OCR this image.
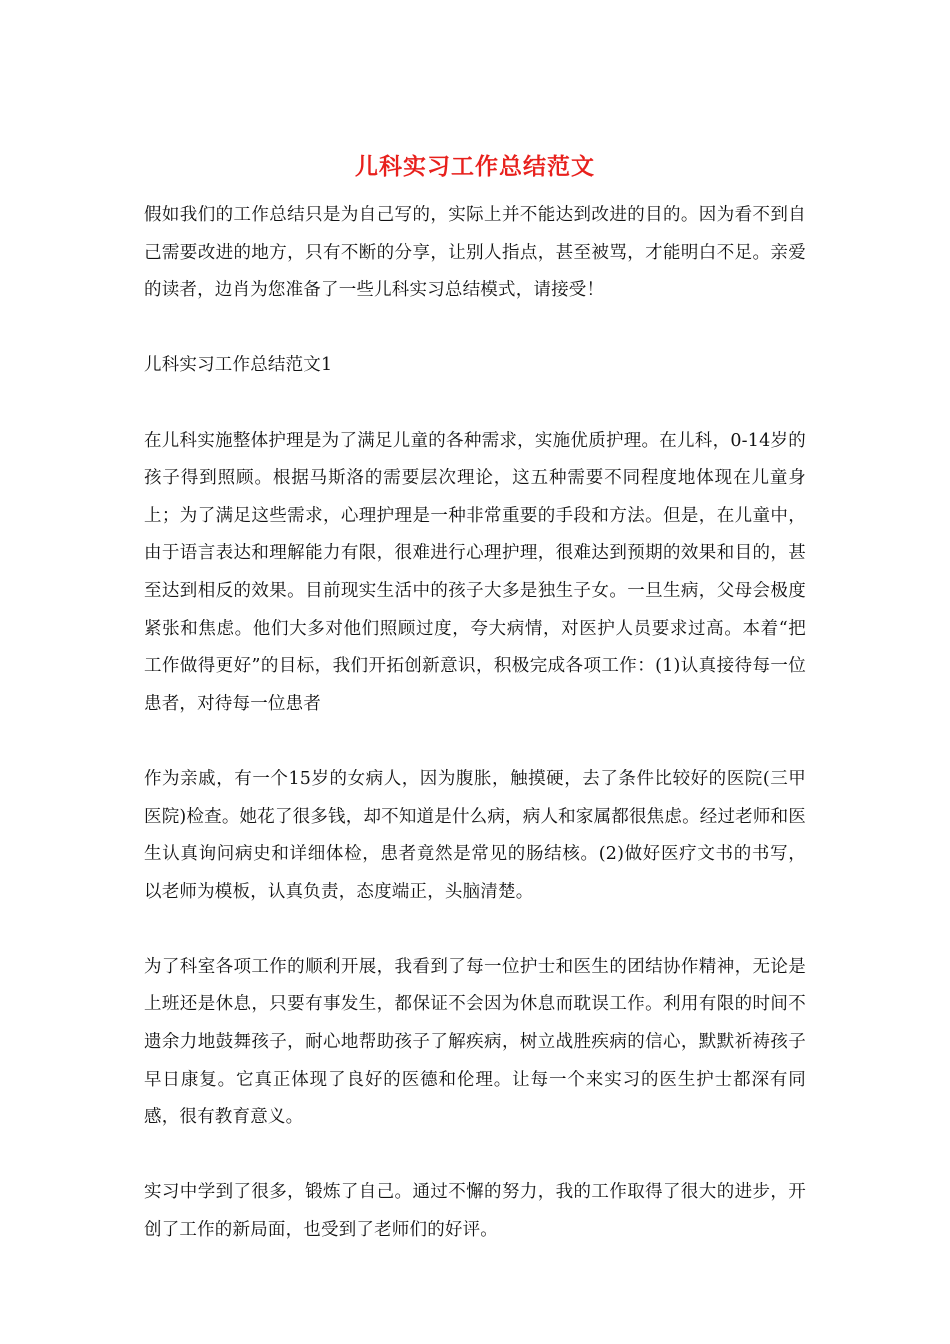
儿科实习工作总结范文

假如我们的工作总结只是为自己写的，实际上并不能达到改进的目的。因为看不到自己需要改进的地方，只有不断的分享，让别人指点，甚至被骂，才能明白不足。亲爱的读者，边肖为您准备了一些儿科实习总结模式，请接受！

儿科实习工作总结范文1

在儿科实施整体护理是为了满足儿童的各种需求，实施优质护理。在儿科，0-14岁的孩子得到照顾。根据马斯洛的需要层次理论，这五种需要不同程度地体现在儿童身上；为了满足这些需求，心理护理是一种非常重要的手段和方法。但是，在儿童中，由于语言表达和理解能力有限，很难进行心理护理，很难达到预期的效果和目的，甚至达到相反的效果。目前现实生活中的孩子大多是独生子女。一旦生病，父母会极度紧张和焦虑。他们大多对他们照顾过度，夸大病情，对医护人员要求过高。本着“把工作做得更好”的目标，我们开拓创新意识，积极完成各项工作：(1)认真接待每一位患者，对待每一位患者

作为亲戚，有一个15岁的女病人，因为腹胀，触摸硬，去了条件比较好的医院(三甲医院)检查。她花了很多钱，却不知道是什么病，病人和家属都很焦虑。经过老师和医生认真询问病史和详细体检，患者竟然是常见的肠结核。(2)做好医疗文书的书写，以老师为模板，认真负责，态度端正，头脑清楚。

为了科室各项工作的顺利开展，我看到了每一位护士和医生的团结协作精神，无论是上班还是休息，只要有事发生，都保证不会因为休息而耽误工作。利用有限的时间不遗余力地鼓舞孩子，耐心地帮助孩子了解疾病，树立战胜疾病的信心，默默祈祷孩子早日康复。它真正体现了良好的医德和伦理。让每一个来实习的医生护士都深有同感，很有教育意义。

实习中学到了很多，锻炼了自己。通过不懈的努力，我的工作取得了很大的进步，开创了工作的新局面，也受到了老师们的好评。
